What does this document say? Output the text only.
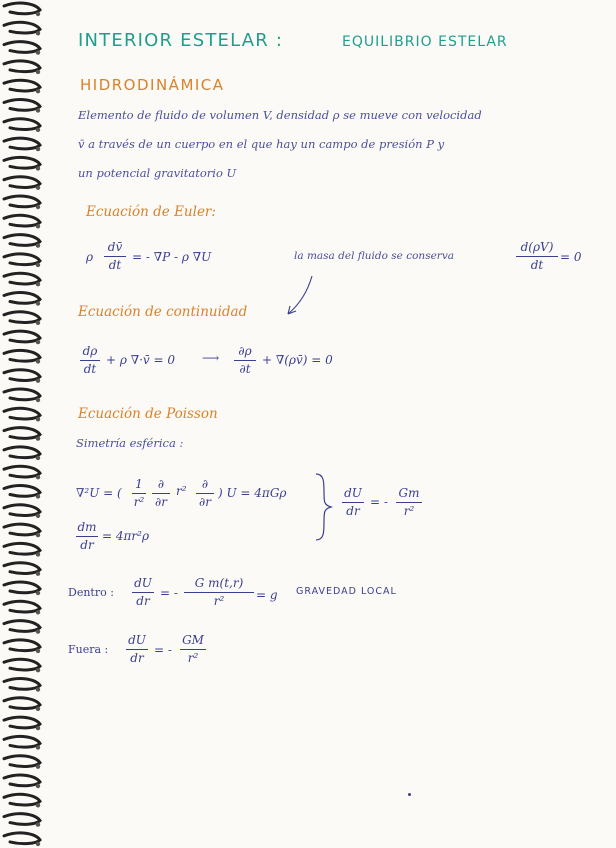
INTERIOR ESTELAR :	EQUILIBRIO ESTELAR
HIDRODINÁMICA
Elemento de fluido de volumen V, densidad ρ se mueve con velocidad
v̄ a través de un cuerpo en el que hay un campo de presión P y
un potencial gravitatorio U
Ecuación de Euler:
ρ
dv̄
dt
= - ∇̄P - ρ ∇̄U	la masa del fluido se conserva
d(ρV)
dt
= 0
Ecuación de continuidad
dρ
dt
+ ρ ∇̄·v̄ = 0 ⟶	∂ρ
∂t
+ ∇̄(ρv̄) = 0
Ecuación de Poisson
Simetría esférica :
∇²U = (
1
r²
∂
∂r
r²	∂
∂r
) U = 4πGρ
dm
dr
= 4πr²ρ
dU
dr
= -
Gm
r²
Dentro :
dU
dr
= -
G m(t,r)
r²	= g GRAVEDAD LOCAL
Fuera :
dU
dr
= -
GM
r²
